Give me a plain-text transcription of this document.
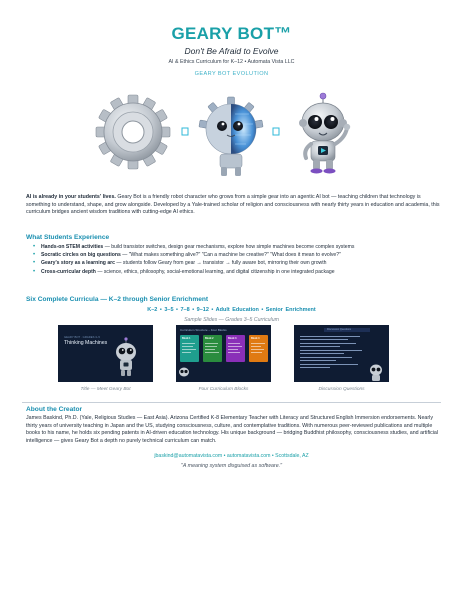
GEARY BOT™
Don't Be Afraid to Evolve
AI & Ethics Curriculum for K–12 • Automata Vista LLC
GEARY BOT EVOLUTION

AI is already in your students' lives. Geary Bot is a friendly robot character who grows from a simple gear into an agentic AI bot — teaching children that technology is something to understand, shape, and grow alongside. Developed by a Yale-trained scholar of religion and consciousness with nearly thirty years in education and academia, this curriculum bridges ancient wisdom traditions with cutting-edge AI ethics.

What Students Experience
• Hands-on STEM activities — build transistor switches, design gear mechanisms, explore how simple machines become complex systems
• Socratic circles on big questions — "What makes something alive?" "Can a machine be creative?" "What does it mean to evolve?"
• Geary's story as a learning arc — students follow Geary from gear → transistor → fully aware bot, mirroring their own growth
• Cross-curricular depth — science, ethics, philosophy, social-emotional learning, and digital citizenship in one integrated package
Six Complete Curricula — K–2 through Senior Enrichment
K–2 • 3–5 • 7–8 • 9–12 • Adult Education • Senior Enrichment
Sample Slides — Grades 3–5 Curriculum
GEARY BOT · GRADES 3–5
Thinking Machines
Title — Meet Geary Bot
Curriculum Structure – Four Blocks
Block 1	Block 2	Block 3	Block 4
Four Curriculum Blocks
Discussion Questions
Discussion Questions
About the Creator

James Baskind, Ph.D. (Yale, Religious Studies — East Asia). Arizona Certified K-8 Elementary Teacher with Literacy and Structured English Immersion endorsements. Nearly thirty years of university teaching in Japan and the US, studying consciousness, culture, and contemplative traditions. With numerous peer-reviewed publications and multiple books to his name, he holds six pending patents in AI-driven education technology. His unique background — bridging Buddhist philosophy, consciousness studies, and artificial intelligence — gives Geary Bot a depth no purely technical curriculum can match.

jbaskind@automatavista.com • automatavista.com • Scottsdale, AZ
"A meaning system disguised as software."
